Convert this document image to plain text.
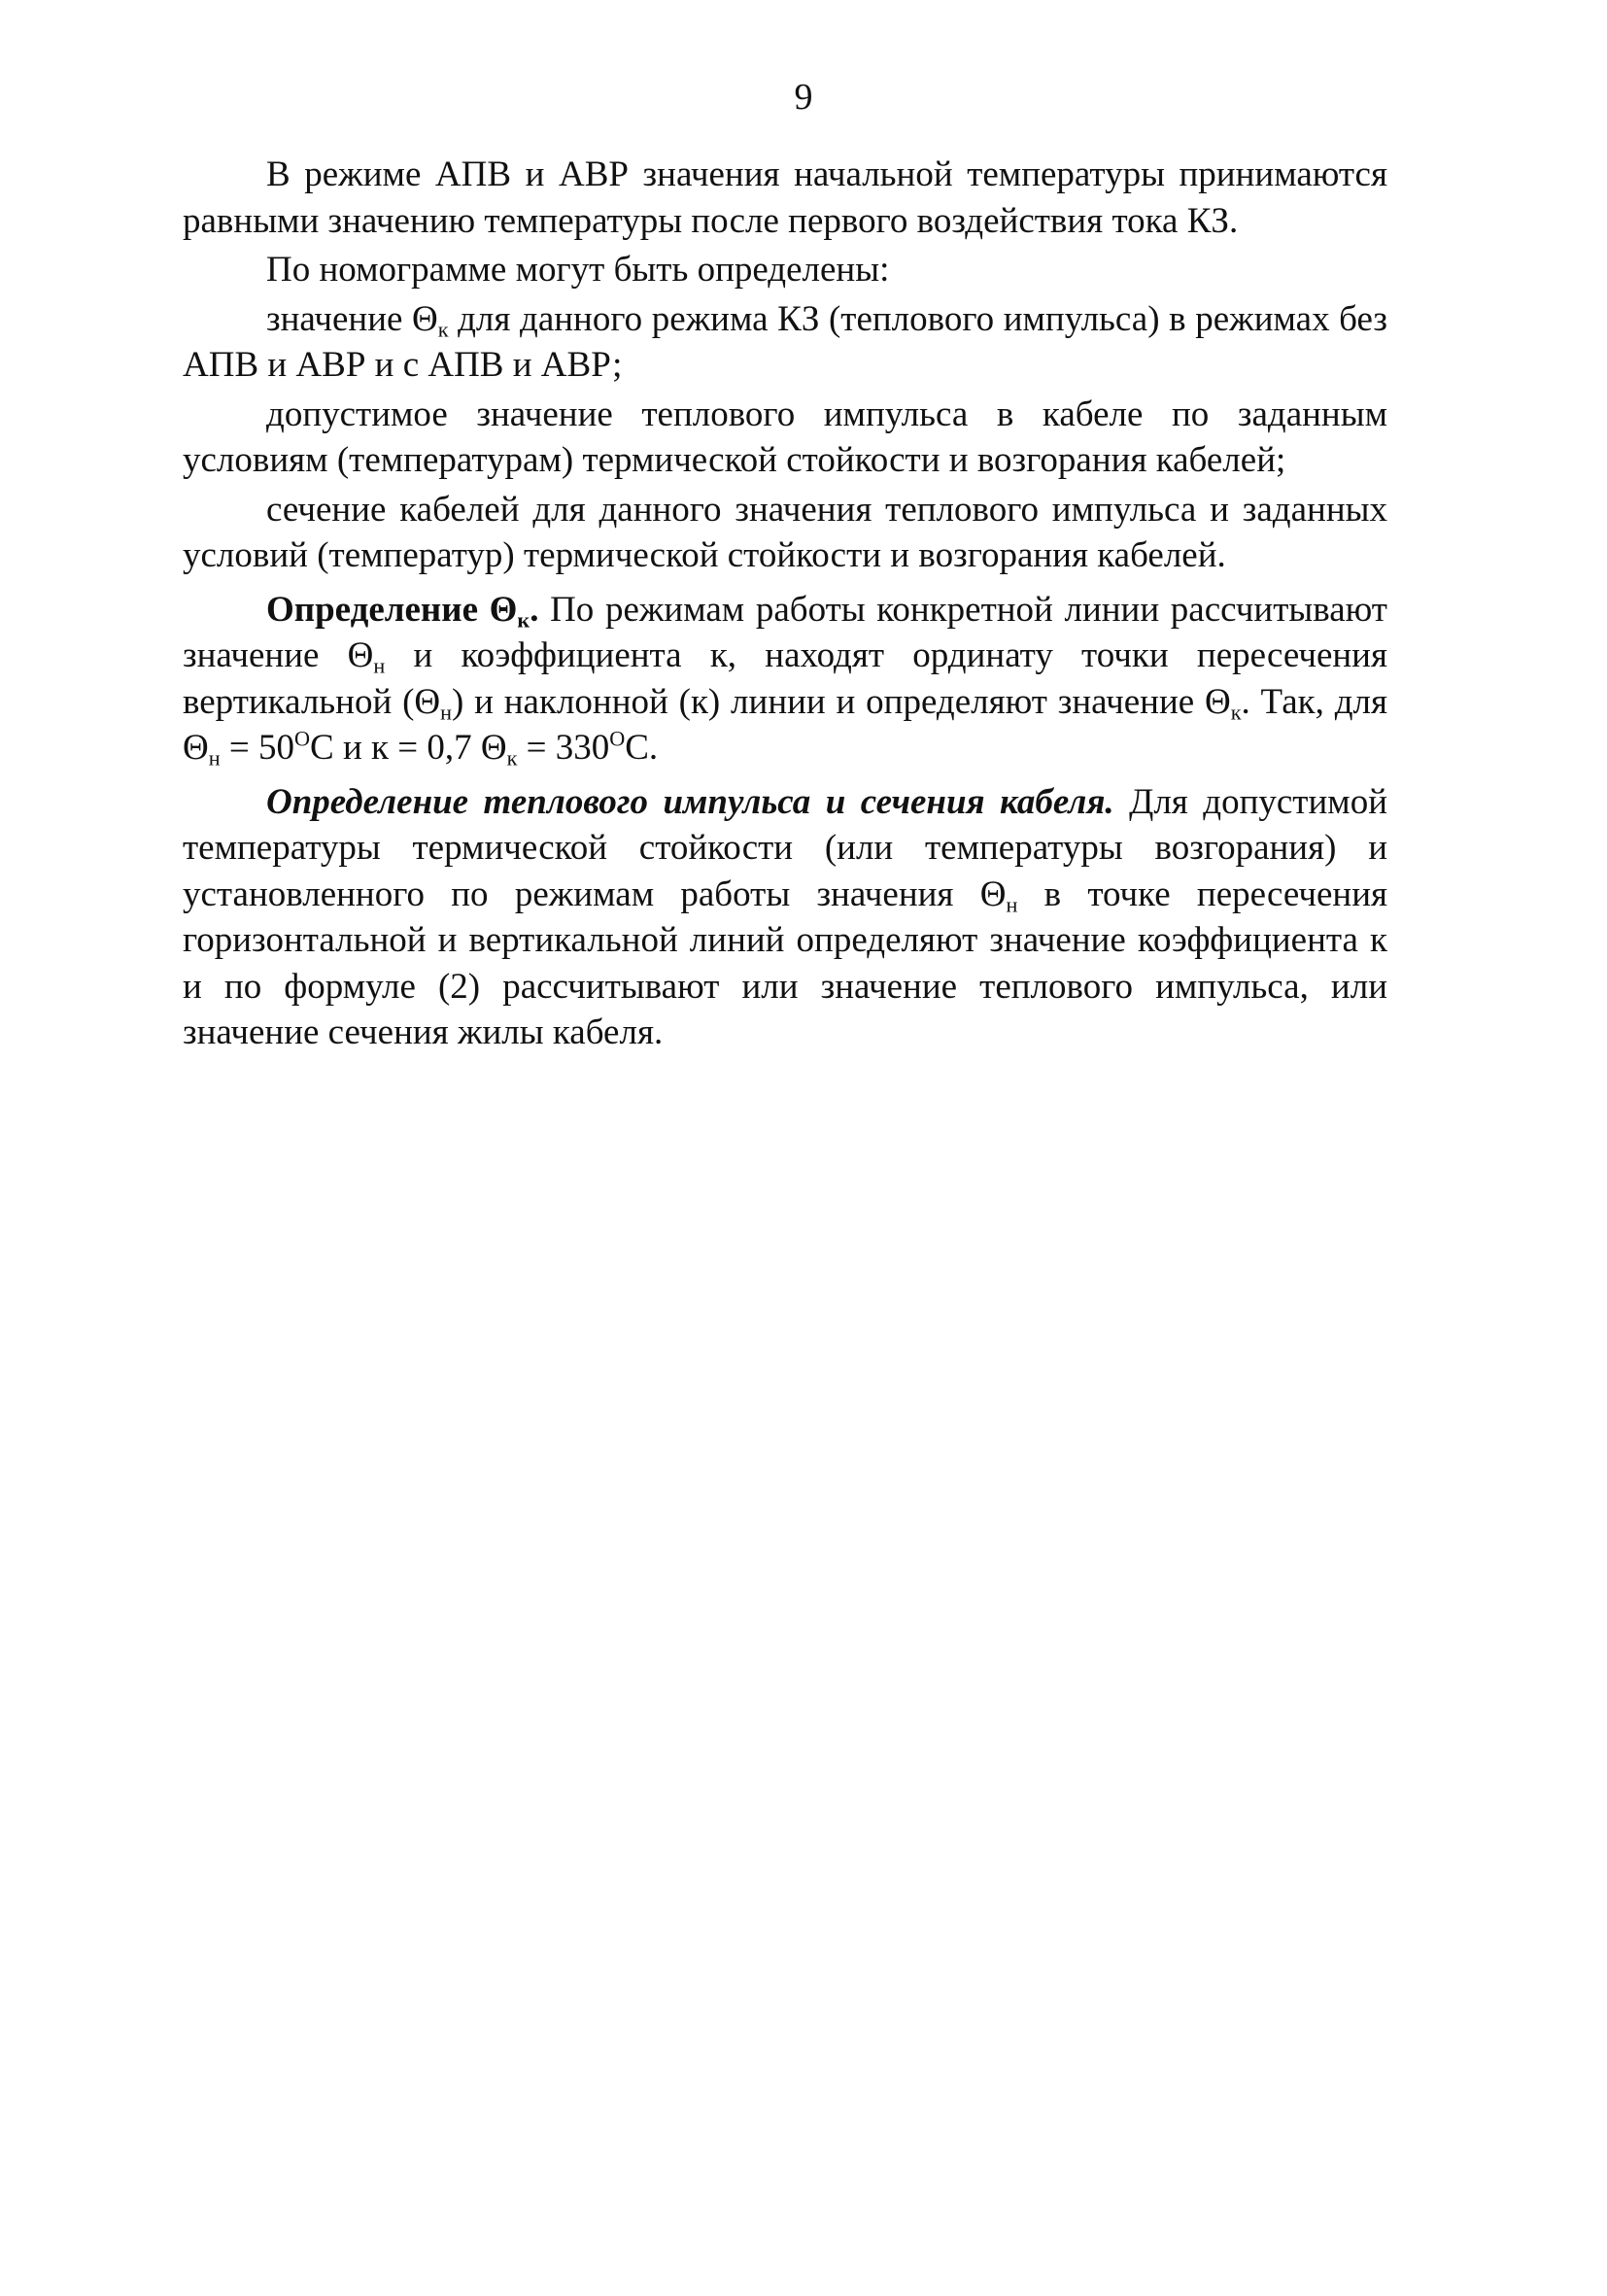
9

В режиме АПВ и АВР значения начальной температуры принимаются равными значению температуры после первого воздействия тока КЗ.

По номограмме могут быть определены:

значение $\Theta_к$ для данного режима КЗ (теплового импульса) в режимах без АПВ и АВР и с АПВ и АВР;

допустимое значение теплового импульса в кабеле по заданным условиям (температурам) термической стойкости и возгорания кабелей;

сечение кабелей для данного значения теплового импульса и заданных условий (температур) термической стойкости и возгорания кабелей.

Определение $\Theta_к$. По режимам работы конкретной линии рассчитывают значение $\Theta_н$ и коэффициента к, находят ординату точки пересечения вертикальной $(\Theta_н)$ и наклонной (к) линии и определяют значение $\Theta_к$. Так, для $\Theta_н = 50^OС$ и к = 0,7 $\Theta_к = 330^OС$.

Определение теплового импульса и сечения кабеля. Для допустимой температуры термической стойкости (или температуры возгорания) и установленного по режимам работы значения $\Theta_н$ в точке пересечения горизонтальной и вертикальной линий определяют значение коэффициента к и по формуле (2) рассчитывают или значение теплового импульса, или значение сечения жилы кабеля.
